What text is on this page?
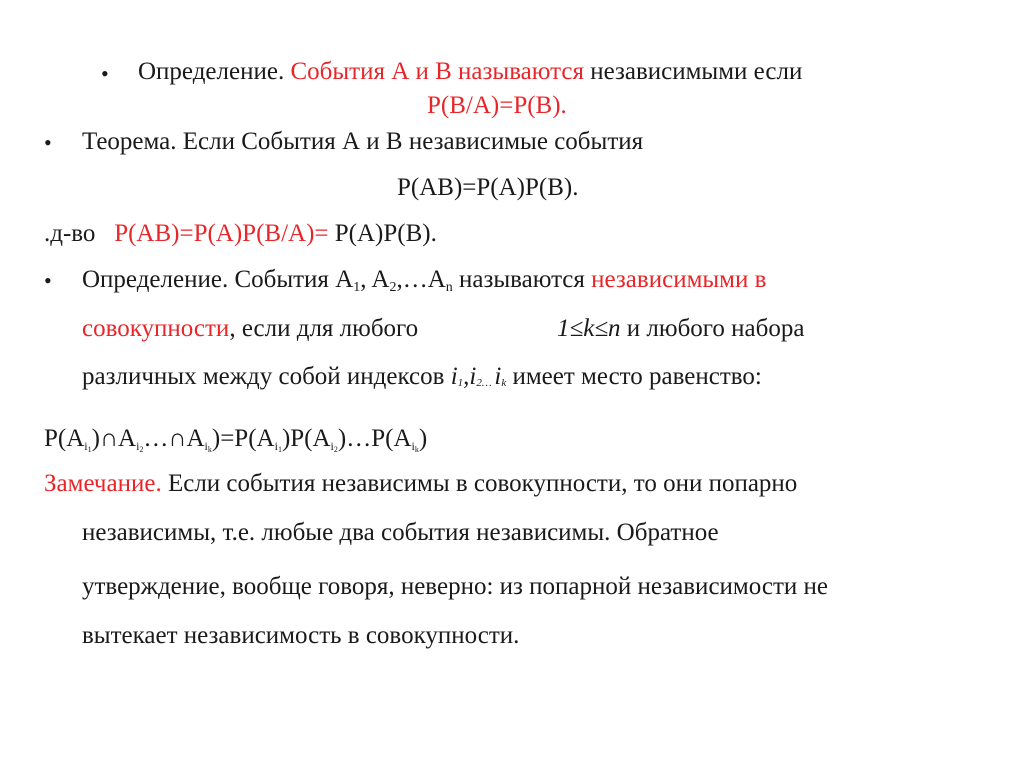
• Определение. События А и В называются независимыми если
P(B/A)=P(B).
• Теорема. Если События А и В независимые события
P(AB)=P(A)P(B).
.д-во   P(AB)=P(A)P(B/A)= P(A)P(B).
• Определение. События $A_1$, $A_2,\dots A_n$ называются независимыми в
совокупности, если для любого	1≤k≤n и любого набора
различных между собой индексов i1,i2… ik имеет место равенство:
P(Ai1)∩Ai2…∩Aik)=P(Ai1)P(Ai2)…P(Aik)
Замечание. Если события независимы в совокупности, то они попарно
независимы, т.е. любые два события независимы. Обратное
утверждение, вообще говоря, неверно: из попарной независимости не
вытекает независимость в совокупности.
